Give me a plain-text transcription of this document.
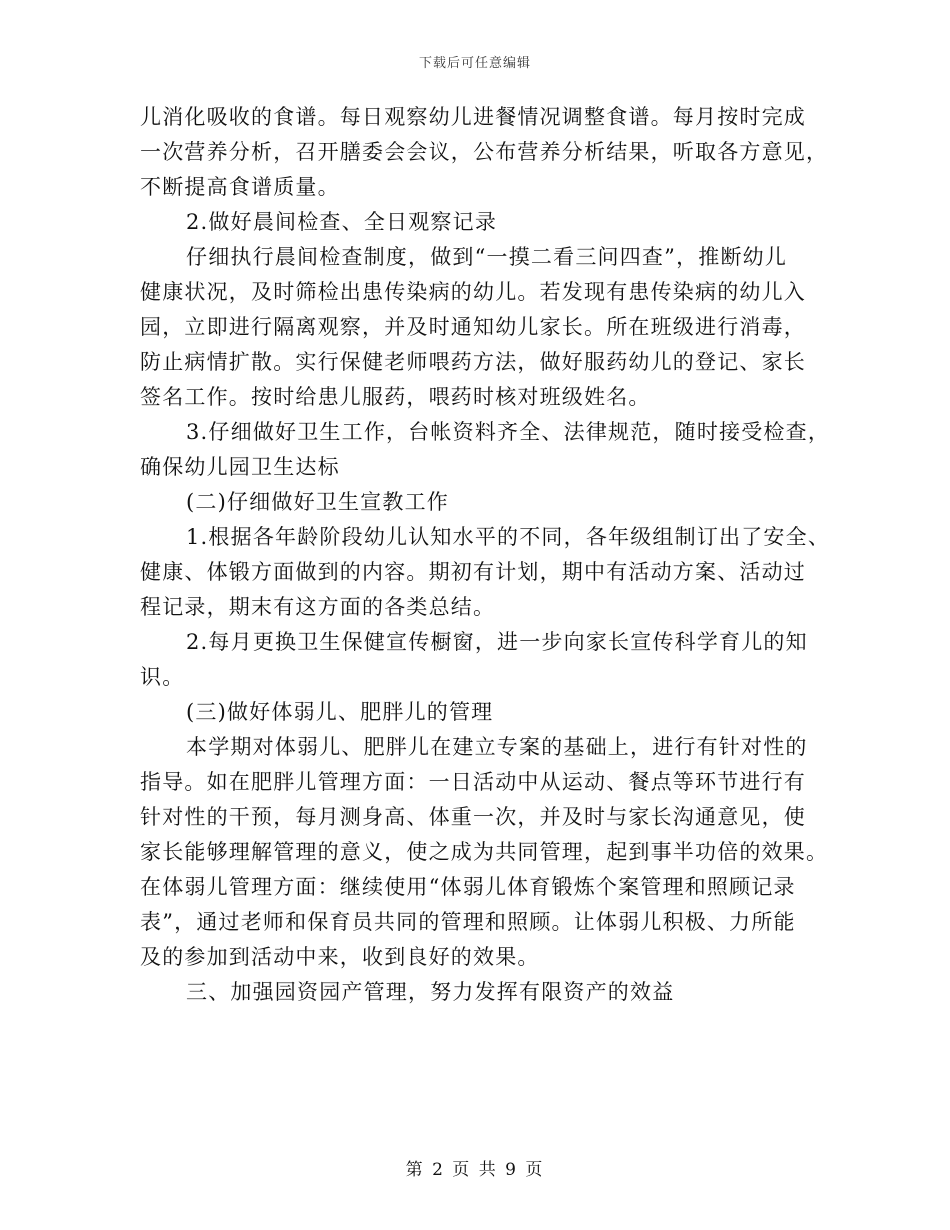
下载后可任意编辑
儿消化吸收的食谱。每日观察幼儿进餐情况调整食谱。每月按时完成
一次营养分析，召开膳委会会议，公布营养分析结果，听取各方意见，
不断提高食谱质量。
2.做好晨间检查、全日观察记录
仔细执行晨间检查制度，做到“一摸二看三问四查”，推断幼儿
健康状况，及时筛检出患传染病的幼儿。若发现有患传染病的幼儿入
园，立即进行隔离观察，并及时通知幼儿家长。所在班级进行消毒，
防止病情扩散。实行保健老师喂药方法，做好服药幼儿的登记、家长
签名工作。按时给患儿服药，喂药时核对班级姓名。
3.仔细做好卫生工作，台帐资料齐全、法律规范，随时接受检查，
确保幼儿园卫生达标
(二)仔细做好卫生宣教工作
1.根据各年龄阶段幼儿认知水平的不同，各年级组制订出了安全、
健康、体锻方面做到的内容。期初有计划，期中有活动方案、活动过
程记录，期末有这方面的各类总结。
2.每月更换卫生保健宣传橱窗，进一步向家长宣传科学育儿的知
识。
(三)做好体弱儿、肥胖儿的管理
本学期对体弱儿、肥胖儿在建立专案的基础上，进行有针对性的
指导。如在肥胖儿管理方面：一日活动中从运动、餐点等环节进行有
针对性的干预，每月测身高、体重一次，并及时与家长沟通意见，使
家长能够理解管理的意义，使之成为共同管理，起到事半功倍的效果。
在体弱儿管理方面：继续使用“体弱儿体育锻炼个案管理和照顾记录
表”，通过老师和保育员共同的管理和照顾。让体弱儿积极、力所能
及的参加到活动中来，收到良好的效果。
三、加强园资园产管理，努力发挥有限资产的效益
第 2 页 共 9 页
